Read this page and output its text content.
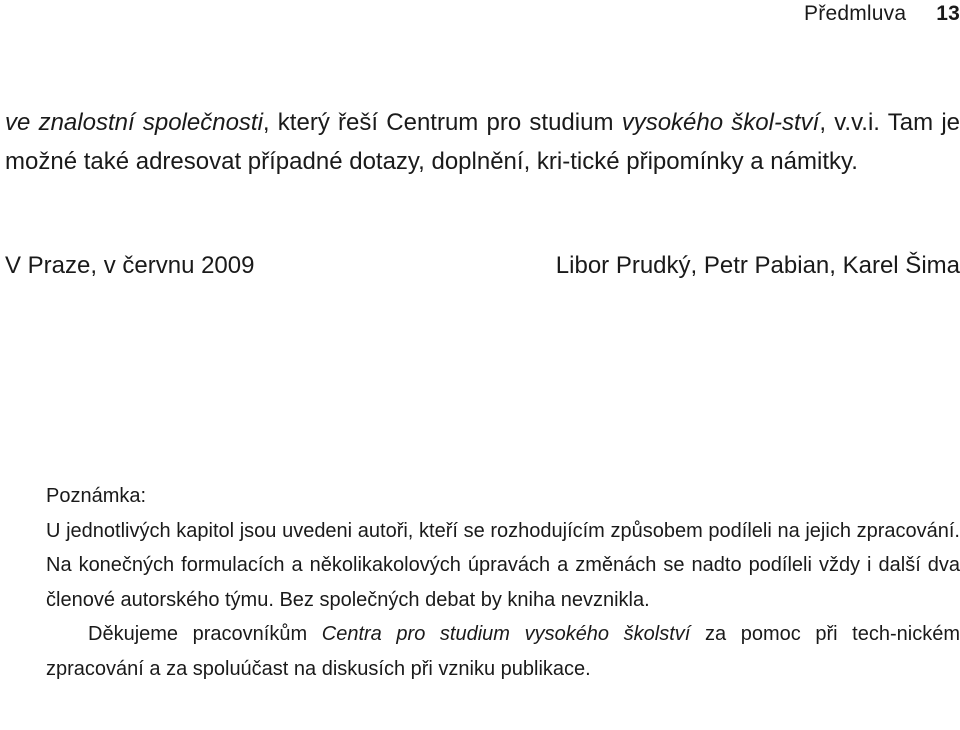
Předmluva 13

ve znalostní společnosti, který řeší Centrum pro studium vysokého škol-ství, v.v.i. Tam je možné také adresovat případné dotazy, doplnění, kri-tické připomínky a námitky.

V Praze, v červnu 2009	Libor Prudký, Petr Pabian, Karel Šima

Poznámka:

U jednotlivých kapitol jsou uvedeni autoři, kteří se rozhodujícím způsobem podíleli na jejich zpracování. Na konečných formulacích a několikakolových úpravách a změnách se nadto podíleli vždy i další dva členové autorského týmu. Bez společných debat by kniha nevznikla.

Děkujeme pracovníkům Centra pro studium vysokého školství za pomoc při tech-nickém zpracování a za spoluúčast na diskusích při vzniku publikace.
